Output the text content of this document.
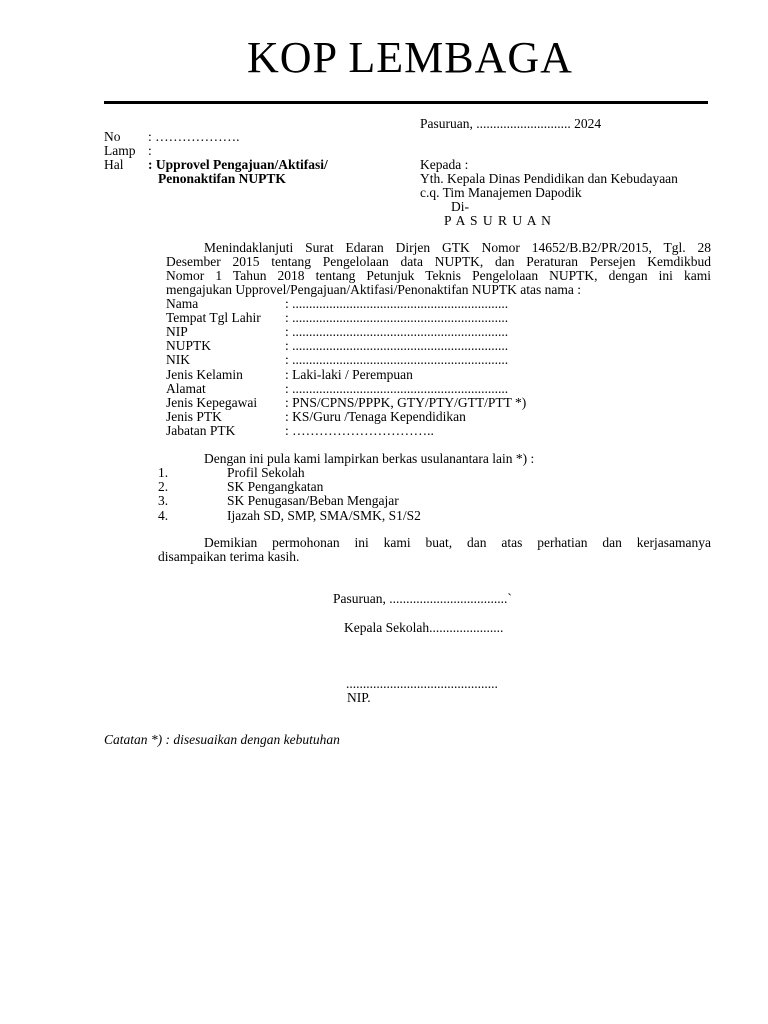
KOP LEMBAGA
Pasuruan, ............................ 2024
No : ……………….
Lamp :
Hal : Upprovel Pengajuan/Aktifasi/
Penonaktifan NUPTK
Kepada :
Yth. Kepala Dinas Pendidikan dan Kebudayaan
c.q. Tim Manajemen Dapodik
Di-
P A S U R U A N
Menindaklanjuti Surat Edaran Dirjen GTK Nomor 14652/B.B2/PR/2015, Tgl. 28
Desember 2015 tentang Pengelolaan data NUPTK, dan Peraturan Persejen Kemdikbud
Nomor 1 Tahun 2018 tentang Petunjuk Teknis Pengelolaan NUPTK, dengan ini kami
mengajukan Upprovel/Pengajuan/Aktifasi/Penonaktifan NUPTK atas nama :
Nama	: ................................................................
Tempat Tgl Lahir : ................................................................
NIP	: ................................................................
NUPTK	: ................................................................
NIK	: ................................................................
Jenis Kelamin	: Laki-laki / Perempuan
Alamat	: ................................................................
Jenis Kepegawai : PNS/CPNS/PPPK, GTY/PTY/GTT/PTT *)
Jenis PTK	: KS/Guru /Tenaga Kependidikan
Jabatan PTK	: …………………………..
Dengan ini pula kami lampirkan berkas usulanantara lain *) :
1.	Profil Sekolah
2.	SK Pengangkatan
3.	SK Penugasan/Beban Mengajar
4.	Ijazah SD, SMP, SMA/SMK, S1/S2
Demikian permohonan ini kami buat, dan atas perhatian dan kerjasamanya
disampaikan terima kasih.
Pasuruan, ...................................`
Kepala Sekolah......................
.............................................
NIP.
Catatan *) : disesuaikan dengan kebutuhan
